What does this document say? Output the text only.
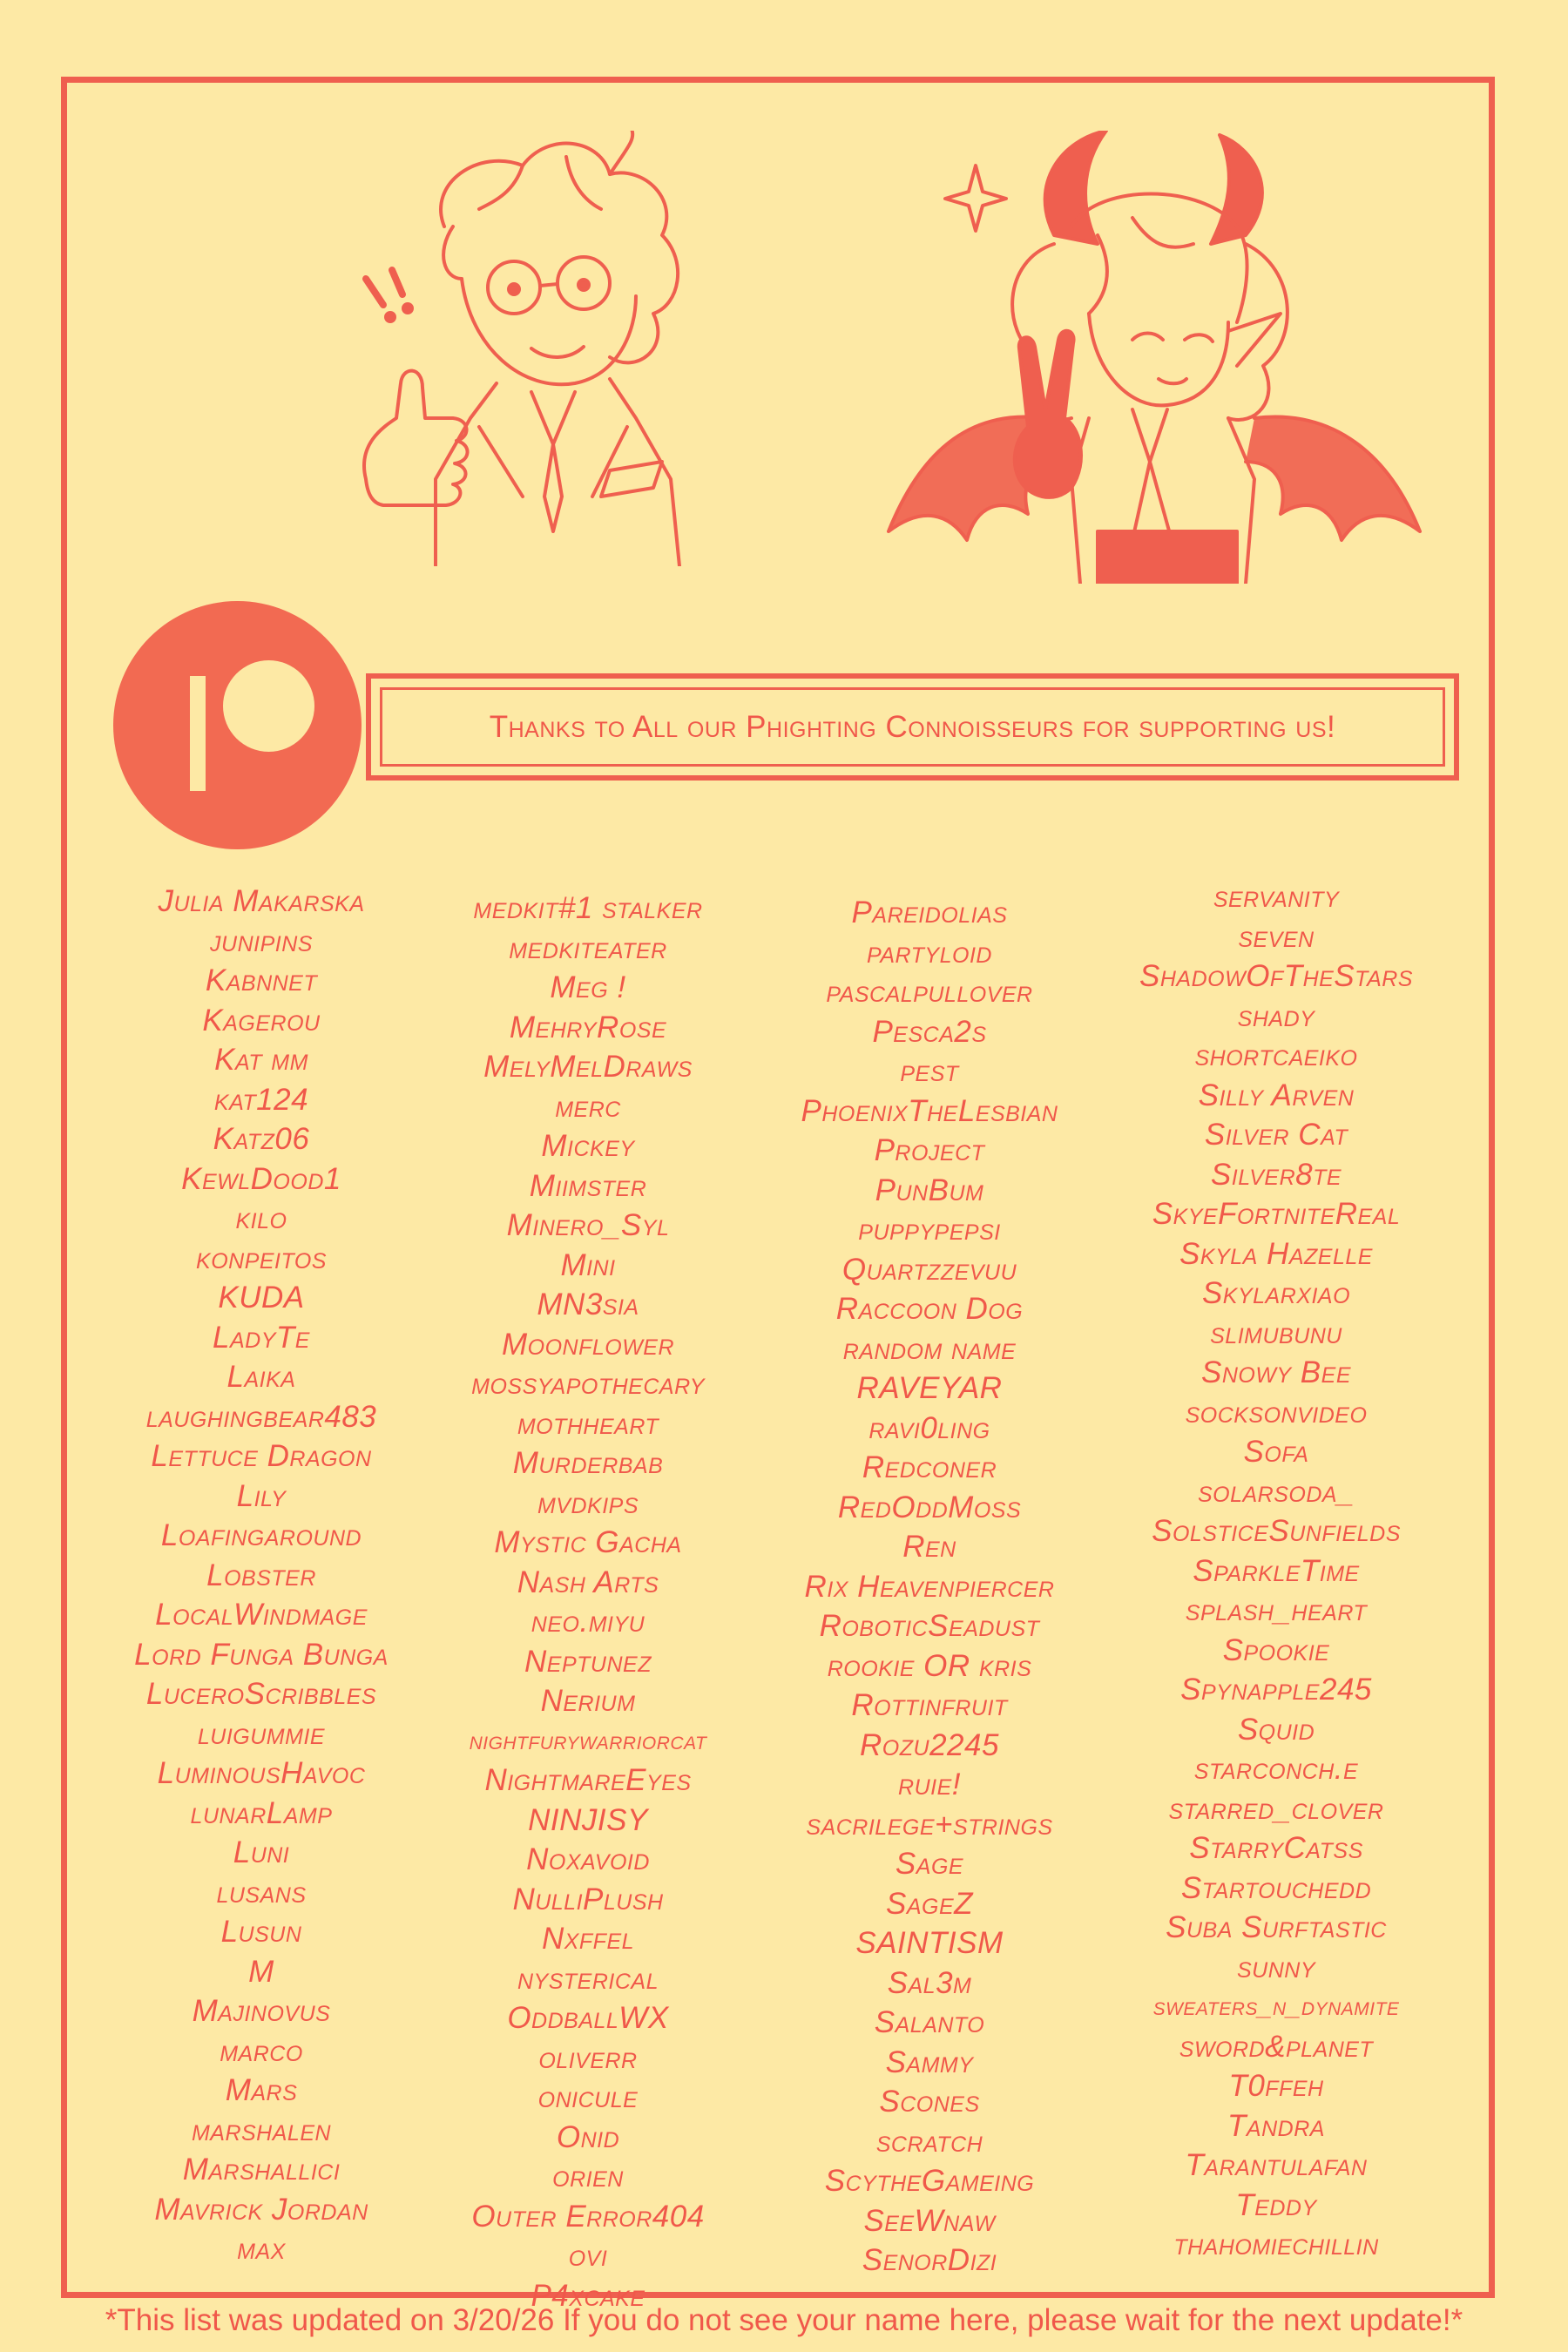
Thanks to All our Phighting Connoisseurs for supporting us!
Julia Makarska
junipins
Kabnnet
Kagerou
Kat mm
kat124
Katz06
KewlDood1
kilo
konpeitos
KUDA
LadyTe
Laika
laughingbear483
Lettuce Dragon
Lily
Loafingaround
Lobster
LocalWindmage
Lord Funga Bunga
LuceroScribbles
luigummie
LuminousHavoc
lunarLamp
Luni
lusans
Lusun
M
Majinovus
marco
Mars
marshalen
Marshallici
Mavrick Jordan
max
medkit#1 stalker
medkiteater
Meg !
MehryRose
MelyMelDraws
merc
Mickey
Miimster
Minero_Syl
Mini
MN3sia
Moonflower
mossyapothecary
mothheart
Murderbab
mvdkips
Mystic Gacha
Nash Arts
neo.miyu
Neptunez
Nerium
nightfurywarriorcat
NightmareEyes
NINJISY
Noxavoid
NulliPlush
Nxffel
nysterical
OddballWX
oliverr
onicule
Onid
orien
Outer Error404
ovi
P4xcake
Pareidolias
partyloid
pascalpullover
Pesca2s
pest
PhoenixTheLesbian
Project
PunBum
puppypepsi
Quartzzevuu
Raccoon Dog
random name
RAVEYAR
ravi0ling
Redconer
RedOddMoss
Ren
Rix Heavenpiercer
RoboticSeadust
rookie OR kris
Rottinfruit
Rozu2245
ruie!
sacrilege+strings
Sage
SageZ
SAINTISM
Sal3m
Salanto
Sammy
Scones
scratch
ScytheGameing
SeeWnaw
SenorDizi
servanity
seven
ShadowOfTheStars
shady
shortcaeiko
Silly Arven
Silver Cat
Silver8te
SkyeFortniteReal
Skyla Hazelle
Skylarxiao
slimubunu
Snowy Bee
socksonvideo
Sofa
solarsoda_
SolsticeSunfields
SparkleTime
splash_heart
Spookie
Spynapple245
Squid
starconch.e
starred_clover
StarryCatss
Startouchedd
Suba Surftastic
sunny
sweaters_n_dynamite
sword&planet
T0ffeh
Tandra
Tarantulafan
Teddy
thahomiechillin
*This list was updated on 3/20/26 If you do not see your name here, please wait for the next update!*
